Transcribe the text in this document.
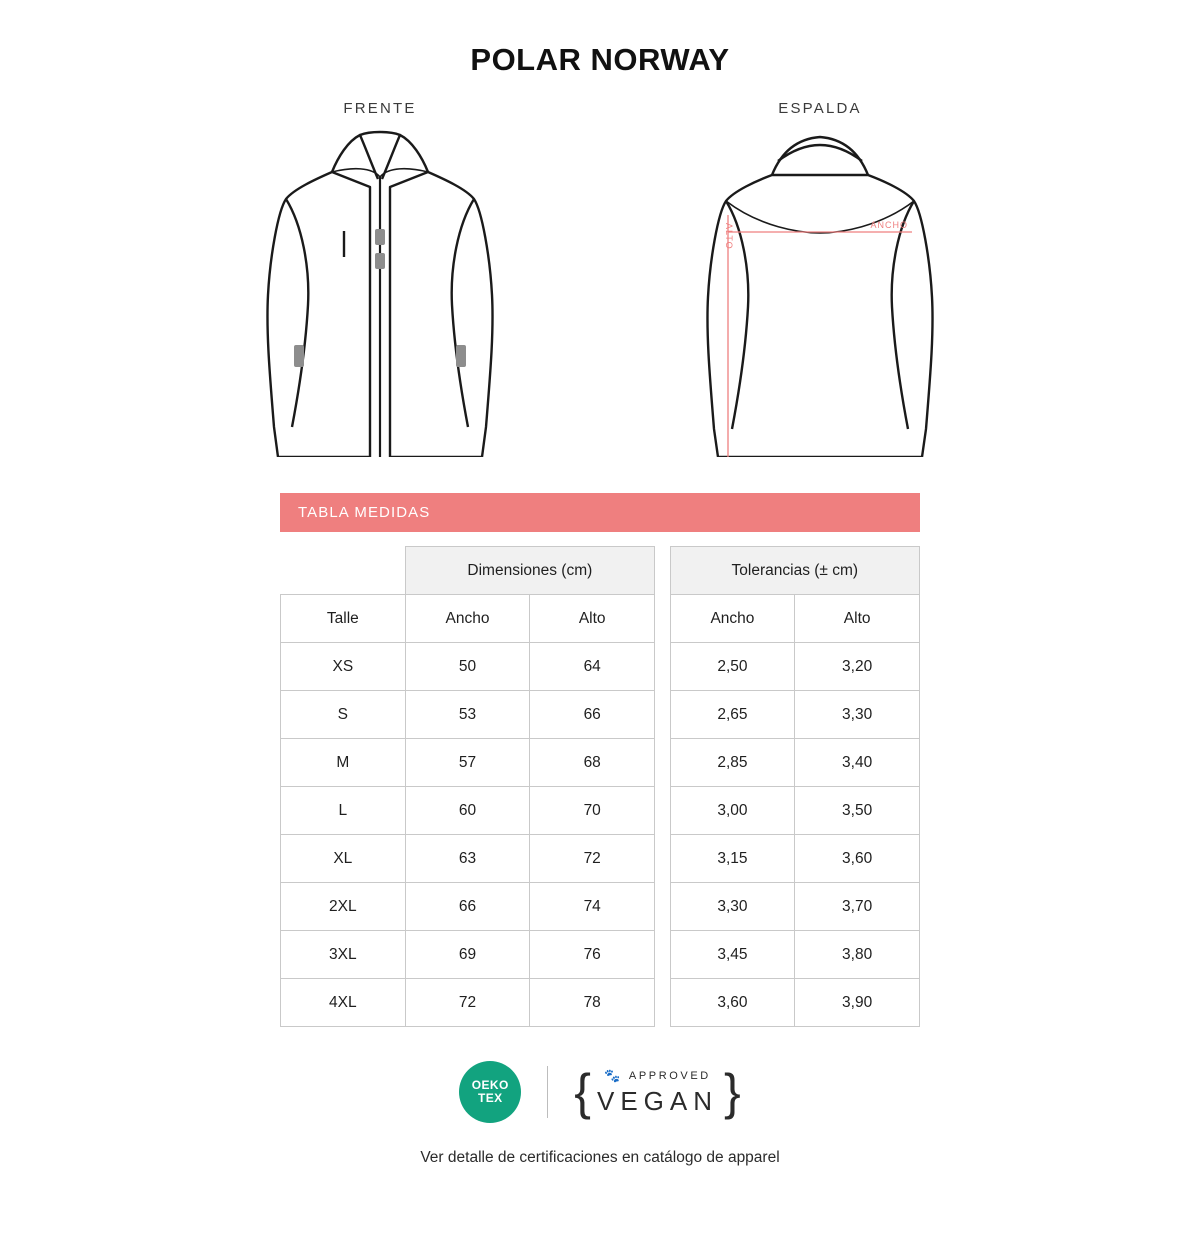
POLAR NORWAY
FRENTE	ESPALDA
ALTO	ANCHO
TABLA MEDIDAS
	Dimensiones (cm)			Tolerancias (± cm)	
Talle	Ancho	Alto		Ancho	Alto
XS	50	64		2,50	3,20
S	53	66		2,65	3,30
M	57	68		2,85	3,40
L	60	70		3,00	3,50
XL	63	72		3,15	3,60
2XL	66	74		3,30	3,70
3XL	69	76		3,45	3,80
4XL	72	78		3,60	3,90
OEKO
TEX { 🐾 APPROVED
VEGAN }
Ver detalle de certificaciones en catálogo de apparel
